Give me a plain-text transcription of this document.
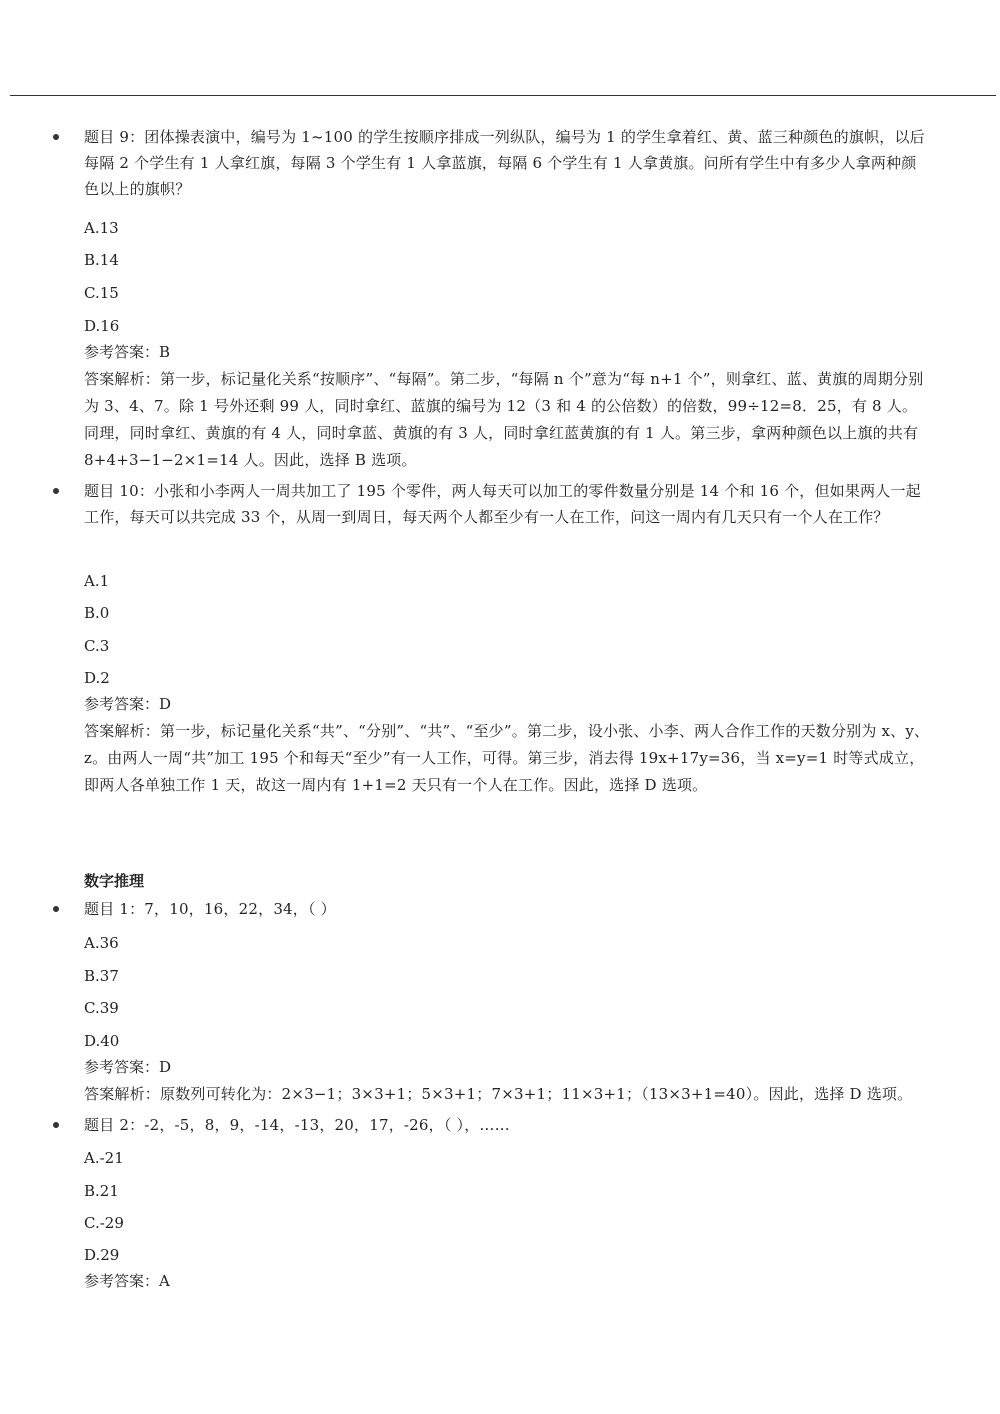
题目 9：团体操表演中，编号为 1~100 的学生按顺序排成一列纵队，编号为 1 的学生拿着红、黄、蓝三种颜色的旗帜，以后每隔 2 个学生有 1 人拿红旗，每隔 3 个学生有 1 人拿蓝旗，每隔 6 个学生有 1 人拿黄旗。问所有学生中有多少人拿两种颜色以上的旗帜？
A.13
B.14
C.15
D.16
参考答案：B
答案解析：第一步，标记量化关系“按顺序”、“每隔”。第二步，“每隔 n 个”意为“每 n+1 个”，则拿红、蓝、黄旗的周期分别为 3、4、7。除 1 号外还剩 99 人，同时拿红、蓝旗的编号为 12（3 和 4 的公倍数）的倍数，99÷12=8．25，有 8 人。同理，同时拿红、黄旗的有 4 人，同时拿蓝、黄旗的有 3 人，同时拿红蓝黄旗的有 1 人。第三步，拿两种颜色以上旗的共有 8+4+3−1−2×1=14 人。因此，选择 B 选项。
题目 10：小张和小李两人一周共加工了 195 个零件，两人每天可以加工的零件数量分别是 14 个和 16 个，但如果两人一起工作，每天可以共完成 33 个，从周一到周日，每天两个人都至少有一人在工作，问这一周内有几天只有一个人在工作？
A.1
B.0
C.3
D.2
参考答案：D
答案解析：第一步，标记量化关系“共”、“分别”、“共”、“至少”。第二步，设小张、小李、两人合作工作的天数分别为 x、y、z。由两人一周“共”加工 195 个和每天“至少”有一人工作，可得。第三步，消去得 19x+17y=36，当 x=y=1 时等式成立，即两人各单独工作 1 天，故这一周内有 1+1=2 天只有一个人在工作。因此，选择 D 选项。
数字推理
题目 1：7，10，16，22，34，（ ）
A.36
B.37
C.39
D.40
参考答案：D
答案解析：原数列可转化为：2×3−1；3×3+1；5×3+1；7×3+1；11×3+1；（13×3+1=40）。因此，选择 D 选项。
题目 2：-2，-5，8，9，-14，-13，20，17，-26，（ ），……
A.-21
B.21
C.-29
D.29
参考答案：A
